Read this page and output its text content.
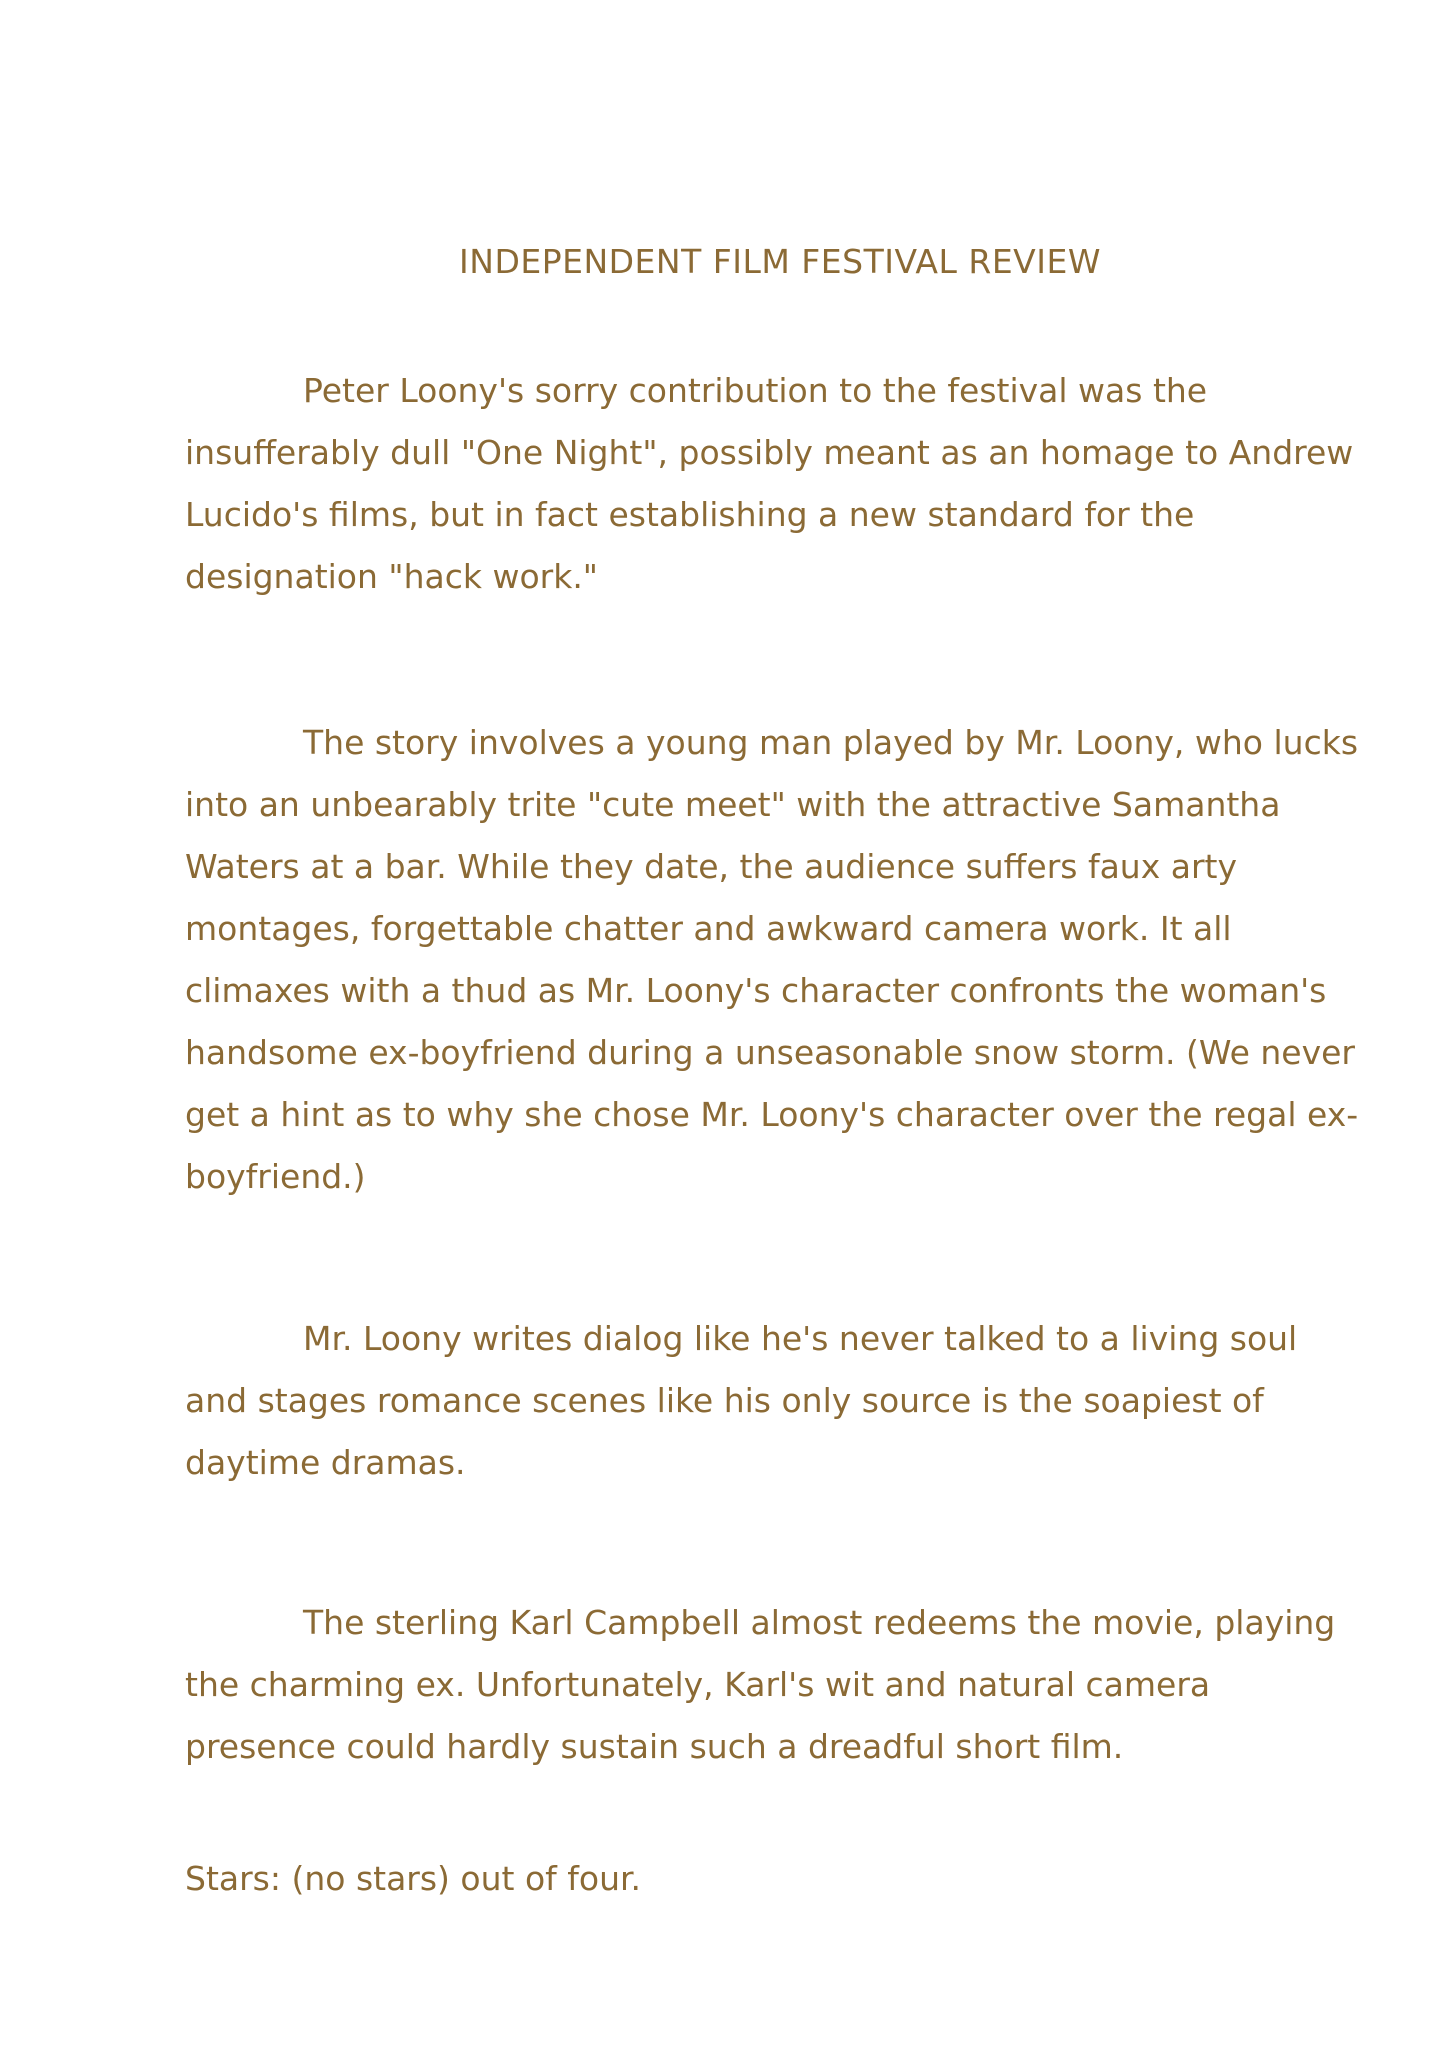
INDEPENDENT FILM FESTIVAL REVIEW

Peter Loony's sorry contribution to the festival was the insufferably dull "One Night", possibly meant as an homage to Andrew Lucido's films, but in fact establishing a new standard for the designation "hack work."

The story involves a young man played by Mr. Loony, who lucks into an unbearably trite "cute meet" with the attractive Samantha Waters at a bar. While they date, the audience suffers faux arty montages, forgettable chatter and awkward camera work. It all climaxes with a thud as Mr. Loony's character confronts the woman's handsome ex-boyfriend during a unseasonable snow storm. (We never get a hint as to why she chose Mr. Loony's character over the regal ex-boyfriend.)

Mr. Loony writes dialog like he's never talked to a living soul and stages romance scenes like his only source is the soapiest of daytime dramas.

The sterling Karl Campbell almost redeems the movie, playing the charming ex. Unfortunately, Karl's wit and natural camera presence could hardly sustain such a dreadful short film.

Stars: (no stars) out of four.
